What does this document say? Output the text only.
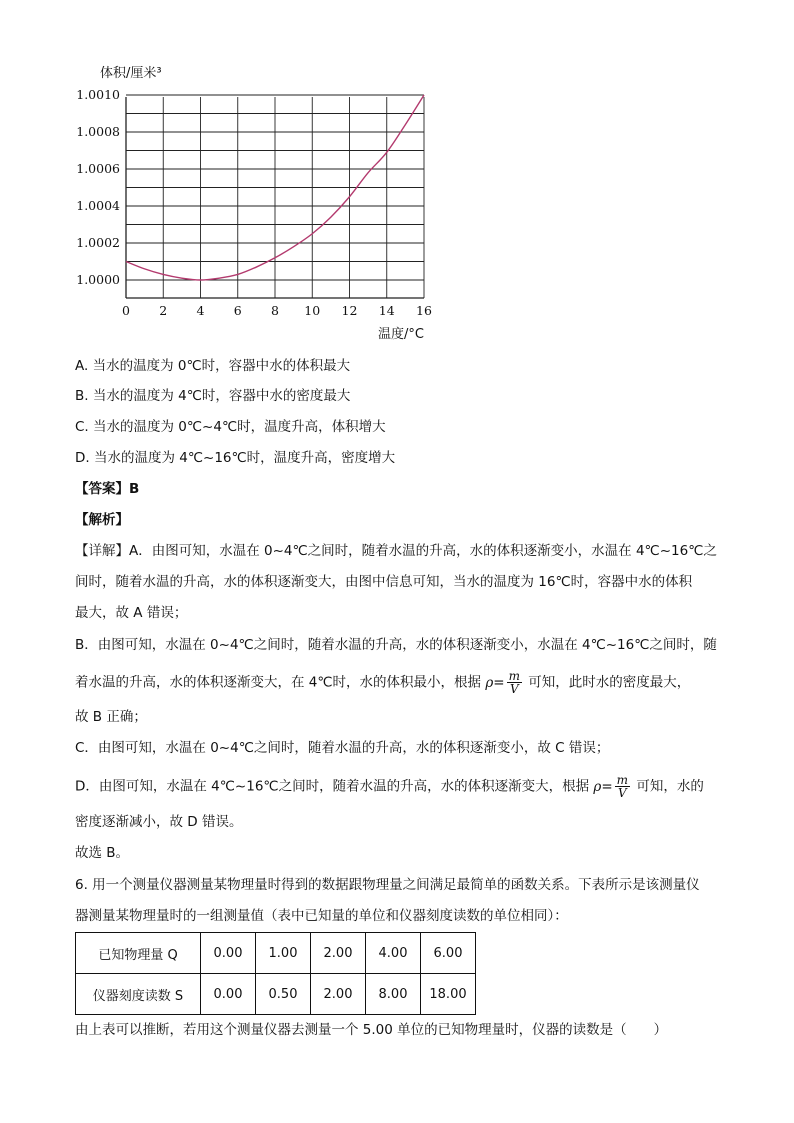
0 2 4 6 8 10 12 14 16
1.0000
1.0002
1.0004
1.0006
1.0008
1.0010
体积/厘米³
温度/°C
A. 当水的温度为 0℃时，容器中水的体积最大
B. 当水的温度为 4℃时，容器中水的密度最大
C. 当水的温度为 0℃~4℃时，温度升高，体积增大
D. 当水的温度为 4℃~16℃时，温度升高，密度增大
【答案】B
【解析】
【详解】A．由图可知，水温在 0~4℃之间时，随着水温的升高，水的体积逐渐变小，水温在 4℃~16℃之
间时，随着水温的升高，水的体积逐渐变大，由图中信息可知，当水的温度为 16℃时，容器中水的体积
最大，故 A 错误；
B．由图可知，水温在 0~4℃之间时，随着水温的升高，水的体积逐渐变小，水温在 4℃~16℃之间时，随
着水温的升高，水的体积逐渐变大，在 4℃时，水的体积最小，根据 $\rho= \frac{m}{V}$ 可知，此时水的密度最大，
故 B 正确；
C．由图可知，水温在 0~4℃之间时，随着水温的升高，水的体积逐渐变小，故 C 错误；
D．由图可知，水温在 4℃~16℃之间时，随着水温的升高，水的体积逐渐变大，根据 $\rho= \frac{m}{V}$ 可知，水的
密度逐渐减小，故 D 错误。
故选 B。
6. 用一个测量仪器测量某物理量时得到的数据跟物理量之间满足最简单的函数关系。下表所示是该测量仪
器测量某物理量时的一组测量值（表中已知量的单位和仪器刻度读数的单位相同）：
已知物理量 Q	0.00	1.00	2.00	4.00	6.00
仪器刻度读数 S	0.00	0.50	2.00	8.00	18.00
由上表可以推断，若用这个测量仪器去测量一个 5.00 单位的已知物理量时，仪器的读数是（　　）
